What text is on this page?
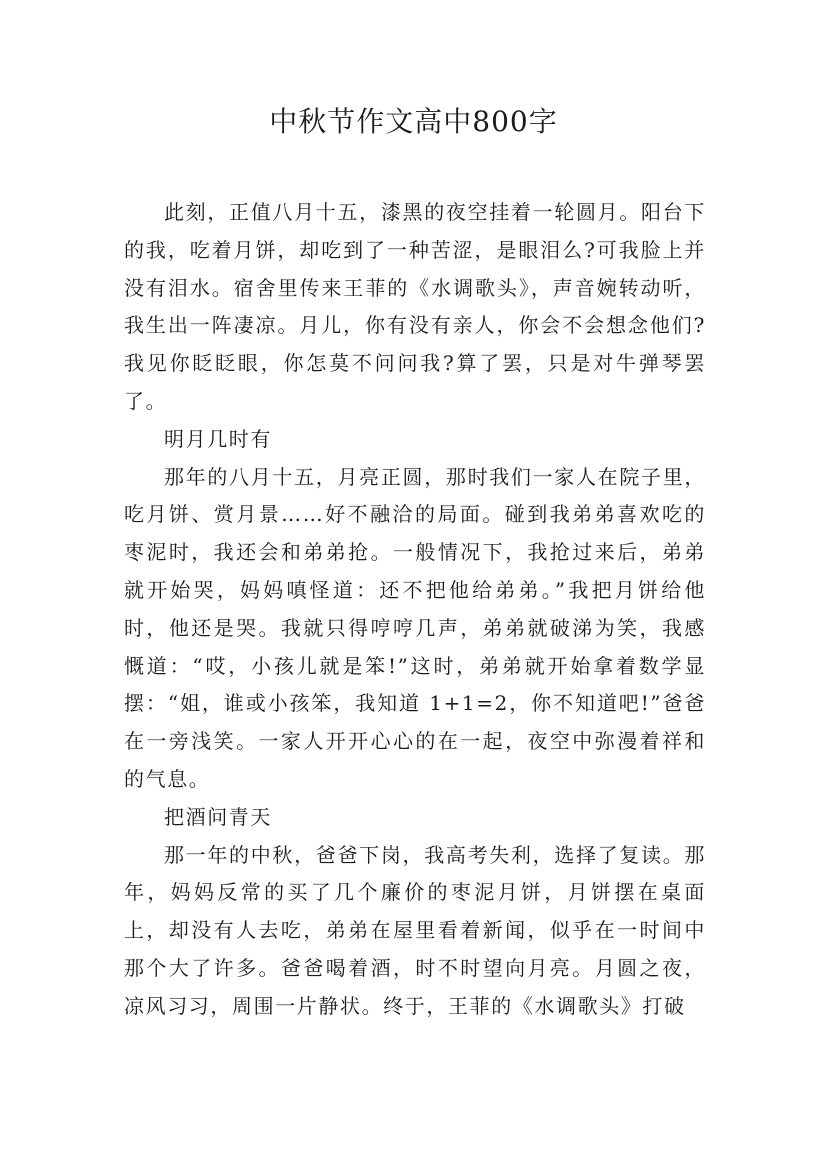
中秋节作文高中800字

此刻，正值八月十五，漆黑的夜空挂着一轮圆月。阳台下的我，吃着月饼，却吃到了一种苦涩，是眼泪么?可我脸上并没有泪水。宿舍里传来王菲的《水调歌头》，声音婉转动听，我生出一阵凄凉。月儿，你有没有亲人，你会不会想念他们?我见你眨眨眼，你怎莫不问问我?算了罢，只是对牛弹琴罢了。

明月几时有

那年的八月十五，月亮正圆，那时我们一家人在院子里，吃月饼、赏月景……好不融洽的局面。碰到我弟弟喜欢吃的枣泥时，我还会和弟弟抢。一般情况下，我抢过来后，弟弟就开始哭，妈妈嗔怪道：还不把他给弟弟。”我把月饼给他时，他还是哭。我就只得哼哼几声，弟弟就破涕为笑，我感慨道：“哎，小孩儿就是笨!”这时，弟弟就开始拿着数学显摆：“姐，谁或小孩笨，我知道 1+1=2，你不知道吧!”爸爸在一旁浅笑。一家人开开心心的在一起，夜空中弥漫着祥和的气息。

把酒问青天

那一年的中秋，爸爸下岗，我高考失利，选择了复读。那年，妈妈反常的买了几个廉价的枣泥月饼，月饼摆在桌面上，却没有人去吃，弟弟在屋里看着新闻，似乎在一时间中那个大了许多。爸爸喝着酒，时不时望向月亮。月圆之夜，凉风习习，周围一片静状。终于，王菲的《水调歌头》打破
